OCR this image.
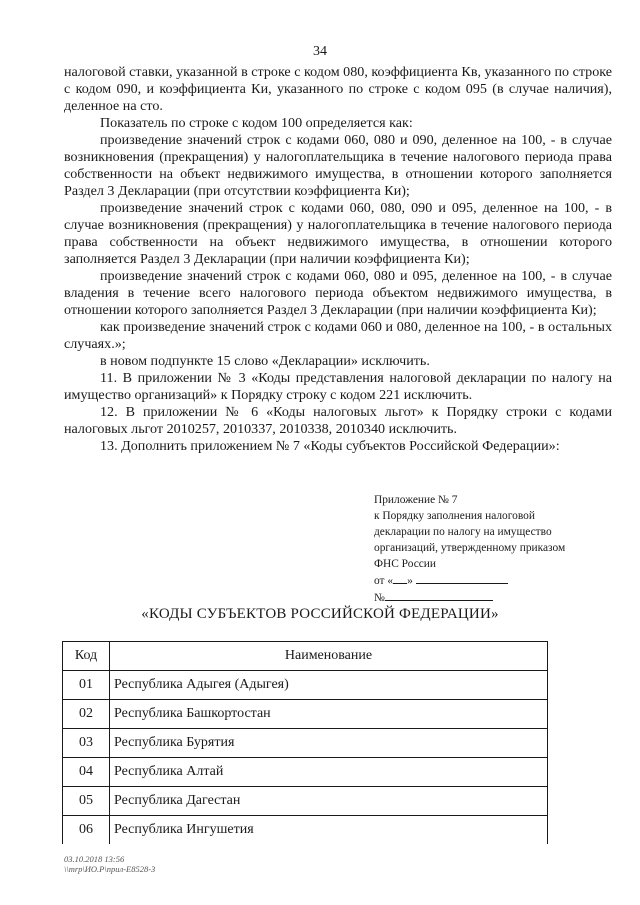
34

налоговой ставки, указанной в строке с кодом 080, коэффициента Кв, указанного по строке с кодом 090, и коэффициента Ки, указанного по строке с кодом 095 (в случае наличия), деленное на сто.

Показатель по строке с кодом 100 определяется как:

произведение значений строк с кодами 060, 080 и 090, деленное на 100, - в случае возникновения (прекращения) у налогоплательщика в течение налогового периода права собственности на объект недвижимого имущества, в отношении которого заполняется Раздел 3 Декларации (при отсутствии коэффициента Ки);

произведение значений строк с кодами 060, 080, 090 и 095, деленное на 100, - в случае возникновения (прекращения) у налогоплательщика в течение налогового периода права собственности на объект недвижимого имущества, в отношении которого заполняется Раздел 3 Декларации (при наличии коэффициента Ки);

произведение значений строк с кодами 060, 080 и 095, деленное на 100, - в случае владения в течение всего налогового периода объектом недвижимого имущества, в отношении которого заполняется Раздел 3 Декларации (при наличии коэффициента Ки);

как произведение значений строк с кодами 060 и 080, деленное на 100, - в остальных случаях.»;

в новом подпункте 15 слово «Декларации» исключить.

11. В приложении № 3 «Коды представления налоговой декларации по налогу на имущество организаций» к Порядку строку с кодом 221 исключить.

12. В приложении № 6 «Коды налоговых льгот» к Порядку строки с кодами налоговых льгот 2010257, 2010337, 2010338, 2010340 исключить.

13. Дополнить приложением № 7 «Коды субъектов Российской Федерации»:

Приложение № 7
к Порядку заполнения налоговой
декларации по налогу на имущество
организаций, утвержденному приказом
ФНС России
от « »
№
«КОДЫ СУБЪЕКТОВ РОССИЙСКОЙ ФЕДЕРАЦИИ»
Код	Наименование
01	Республика Адыгея (Адыгея)
02	Республика Башкортостан
03	Республика Бурятия
04	Республика Алтай
05	Республика Дагестан
06	Республика Ингушетия
03.10.2018 13:56
\\mrp\ИО.Р\прил-Е8528-3
